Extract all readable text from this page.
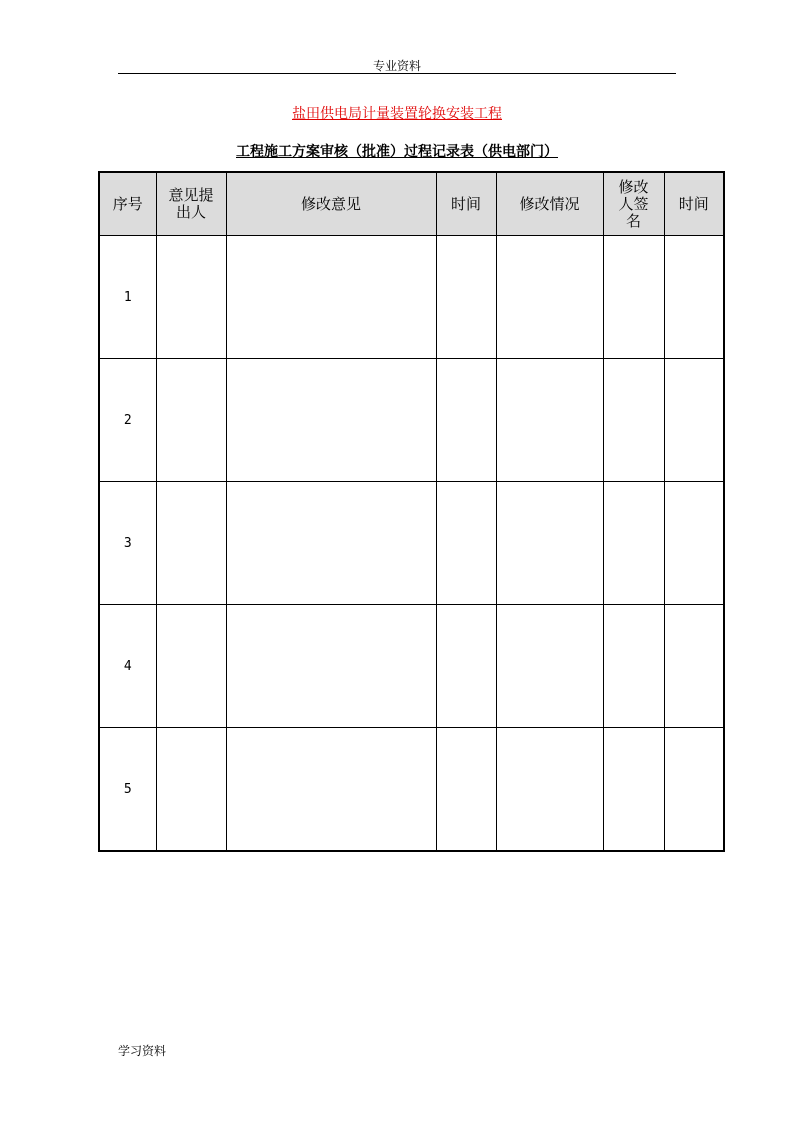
专业资料
盐田供电局计量装置轮换安装工程
工程施工方案审核（批准）过程记录表（供电部门）
序号	意见提出人	修改意见	时间	修改情况	修改人签名	时间

1						
2						
3						
4						
5						
学习资料
